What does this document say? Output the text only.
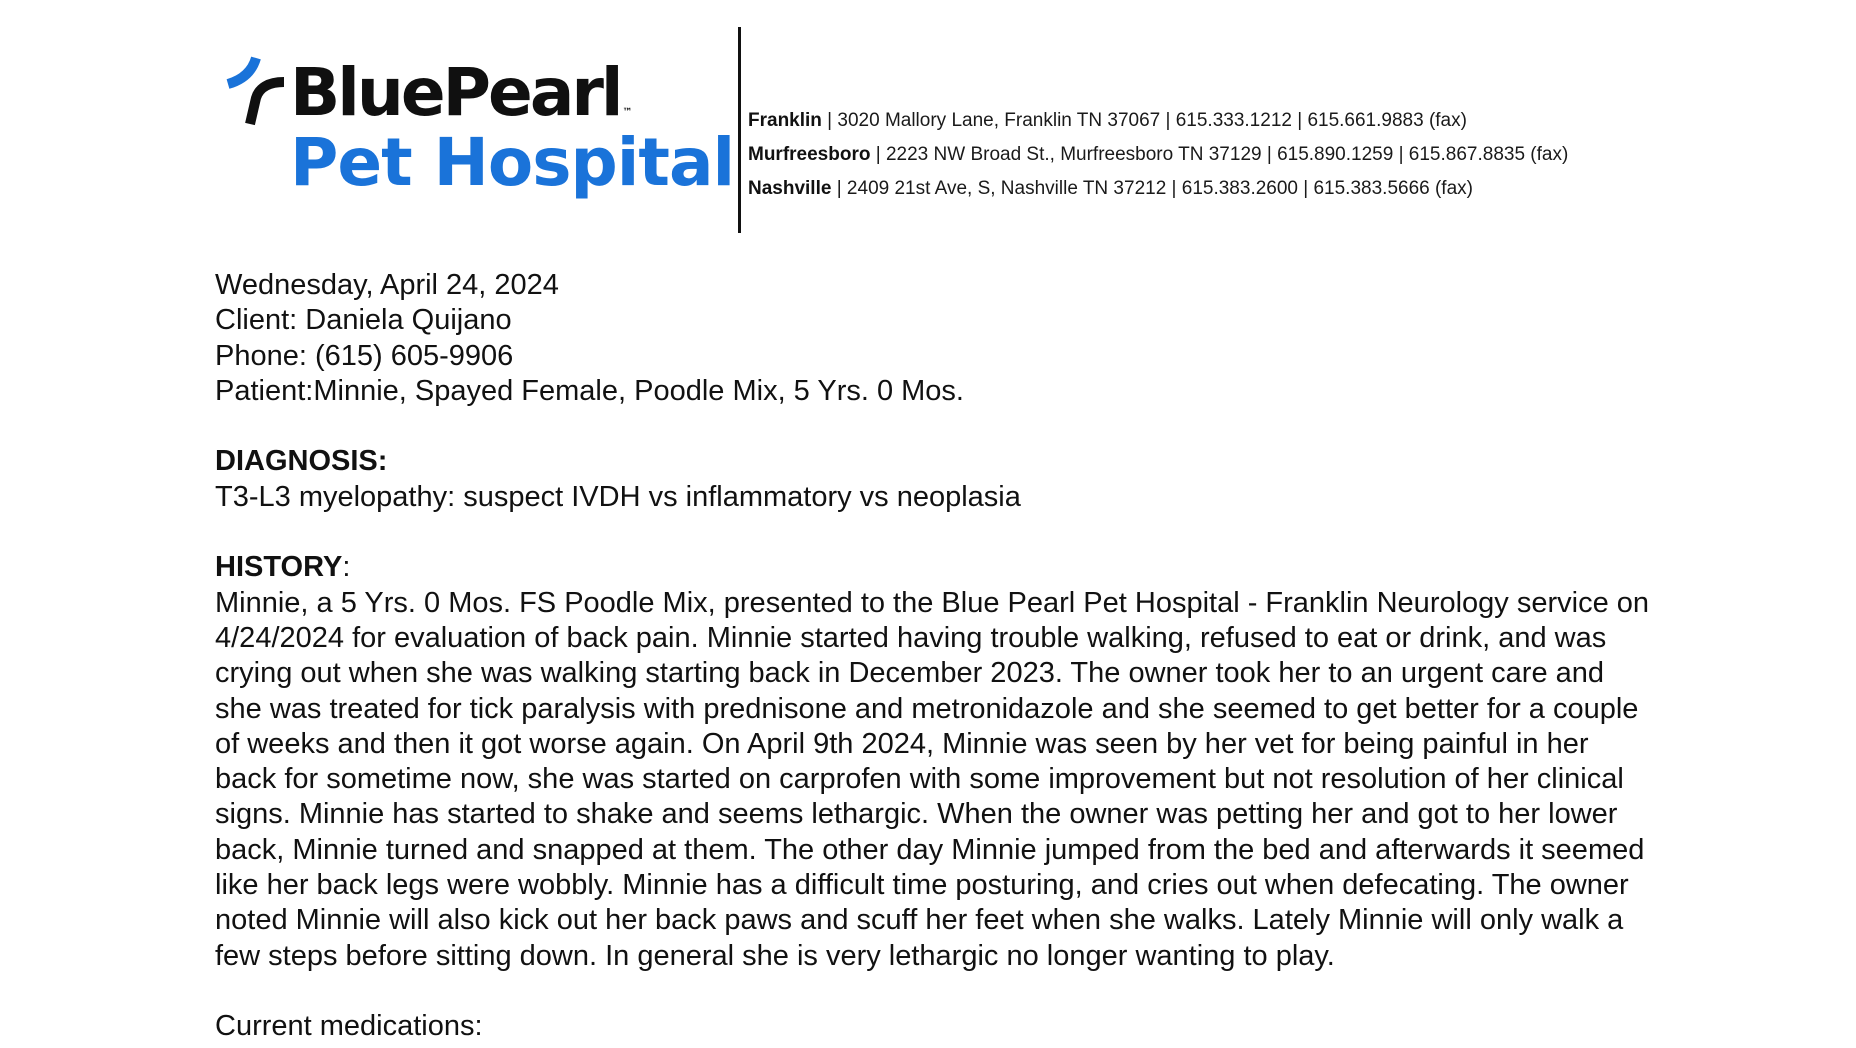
BluePearl ™
Pet Hospital
Franklin | 3020 Mallory Lane, Franklin TN 37067 | 615.333.1212 | 615.661.9883 (fax)
Murfreesboro | 2223 NW Broad St., Murfreesboro TN 37129 | 615.890.1259 | 615.867.8835 (fax)
Nashville | 2409 21st Ave, S, Nashville TN 37212 | 615.383.2600 | 615.383.5666 (fax)

Wednesday, April 24, 2024

Client: Daniela Quijano

Phone: (615) 605-9906

Patient:Minnie, Spayed Female, Poodle Mix, 5 Yrs. 0 Mos.

DIAGNOSIS:

T3-L3 myelopathy: suspect IVDH vs inflammatory vs neoplasia

HISTORY:

Minnie, a 5 Yrs. 0 Mos. FS Poodle Mix, presented to the Blue Pearl Pet Hospital - Franklin Neurology service on 4/24/2024 for evaluation of back pain. Minnie started having trouble walking, refused to eat or drink, and was crying out when she was walking starting back in December 2023. The owner took her to an urgent care and she was treated for tick paralysis with prednisone and metronidazole and she seemed to get better for a couple of weeks and then it got worse again. On April 9th 2024, Minnie was seen by her vet for being painful in her back for sometime now, she was started on carprofen with some improvement but not resolution of her clinical signs. Minnie has started to shake and seems lethargic. When the owner was petting her and got to her lower back, Minnie turned and snapped at them. The other day Minnie jumped from the bed and afterwards it seemed like her back legs were wobbly. Minnie has a difficult time posturing, and cries out when defecating. The owner noted Minnie will also kick out her back paws and scuff her feet when she walks. Lately Minnie will only walk a few steps before sitting down. In general she is very lethargic no longer wanting to play.

Current medications:
